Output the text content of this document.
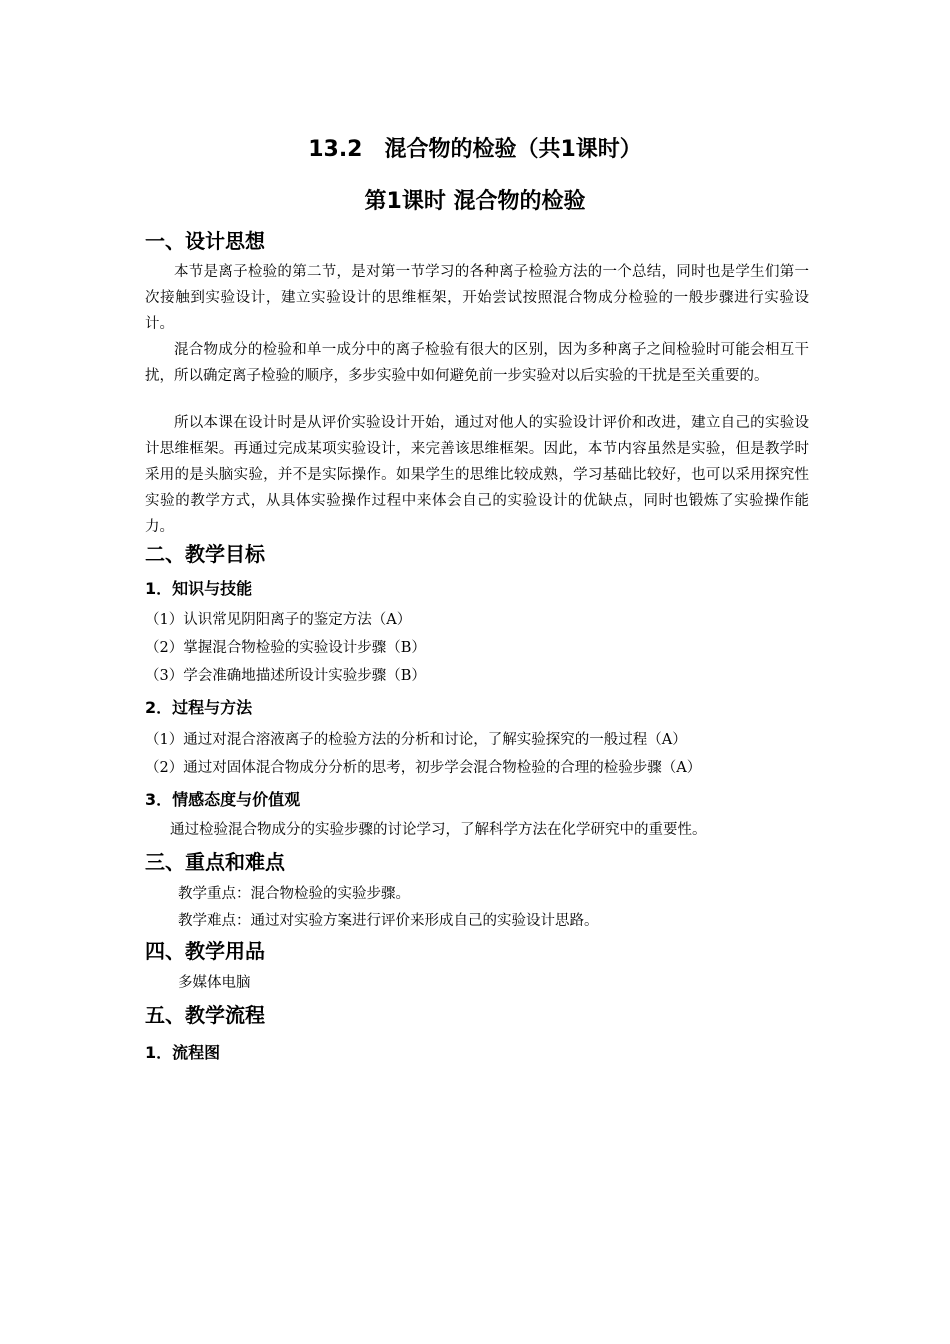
13.2　混合物的检验（共1课时）
第1课时 混合物的检验
一、设计思想

本节是离子检验的第二节，是对第一节学习的各种离子检验方法的一个总结，同时也是学生们第一次接触到实验设计，建立实验设计的思维框架，开始尝试按照混合物成分检验的一般步骤进行实验设计。

混合物成分的检验和单一成分中的离子检验有很大的区别，因为多种离子之间检验时可能会相互干扰，所以确定离子检验的顺序，多步实验中如何避免前一步实验对以后实验的干扰是至关重要的。

所以本课在设计时是从评价实验设计开始，通过对他人的实验设计评价和改进，建立自己的实验设计思维框架。再通过完成某项实验设计，来完善该思维框架。因此，本节内容虽然是实验，但是教学时采用的是头脑实验，并不是实际操作。如果学生的思维比较成熟，学习基础比较好，也可以采用探究性实验的教学方式，从具体实验操作过程中来体会自己的实验设计的优缺点，同时也锻炼了实验操作能力。

二、教学目标
1．知识与技能
（1）认识常见阴阳离子的鉴定方法（A）
（2）掌握混合物检验的实验设计步骤（B）
（3）学会准确地描述所设计实验步骤（B）
2．过程与方法
（1）通过对混合溶液离子的检验方法的分析和讨论，了解实验探究的一般过程（A）
（2）通过对固体混合物成分分析的思考，初步学会混合物检验的合理的检验步骤（A）
3．情感态度与价值观
通过检验混合物成分的实验步骤的讨论学习，了解科学方法在化学研究中的重要性。
三、重点和难点
教学重点：混合物检验的实验步骤。
教学难点：通过对实验方案进行评价来形成自己的实验设计思路。
四、教学用品
多媒体电脑
五、教学流程
1．流程图
